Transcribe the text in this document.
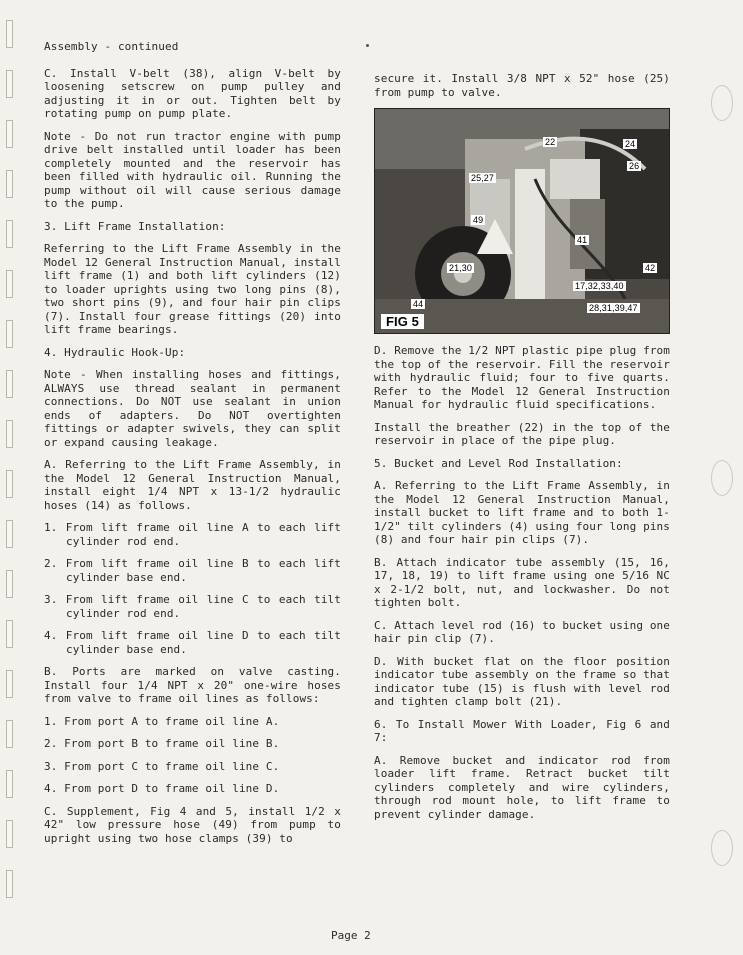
Assembly - continued

C. Install V-belt (38), align V-belt by loosening setscrew on pump pulley and adjusting it in or out. Tighten belt by rotating pump on pump plate.

Note - Do not run tractor engine with pump drive belt installed until loader has been completely mounted and the reservoir has been filled with hydraulic oil. Running the pump without oil will cause serious damage to the pump.

3. Lift Frame Installation:

Referring to the Lift Frame Assembly in the Model 12 General Instruction Manual, install lift frame (1) and both lift cylinders (12) to loader uprights using two long pins (8), two short pins (9), and four hair pin clips (7). Install four grease fittings (20) into lift frame bearings.

4. Hydraulic Hook-Up:

Note - When installing hoses and fittings, ALWAYS use thread sealant in permanent connections. Do NOT use sealant in union ends of adapters. Do NOT overtighten fittings or adapter swivels, they can split or expand causing leakage.

A. Referring to the Lift Frame Assembly, in the Model 12 General Instruction Manual, install eight 1/4 NPT x 13-1/2 hydraulic hoses (14) as follows.

1. From lift frame oil line A to each lift cylinder rod end.

2. From lift frame oil line B to each lift cylinder base end.

3. From lift frame oil line C to each tilt cylinder rod end.

4. From lift frame oil line D to each tilt cylinder base end.

B. Ports are marked on valve casting. Install four 1/4 NPT x 20" one-wire hoses from valve to frame oil lines as follows:

1. From port A to frame oil line A.

2. From port B to frame oil line B.

3. From port C to frame oil line C.

4. From port D to frame oil line D.

C. Supplement, Fig 4 and 5, install 1/2 x 42" low pressure hose (49) from pump to upright using two hose clamps (39) to

secure it. Install 3/8 NPT x 52" hose (25) from pump to valve.

22	24
25,27
26
49
41
42
21,30
17,32,33,40
28,31,39,47
44
FIG 5

D. Remove the 1/2 NPT plastic pipe plug from the top of the reservoir. Fill the reservoir with hydraulic fluid; four to five quarts. Refer to the Model 12 General Instruction Manual for hydraulic fluid specifications.

Install the breather (22) in the top of the reservoir in place of the pipe plug.

5. Bucket and Level Rod Installation:

A. Referring to the Lift Frame Assembly, in the Model 12 General Instruction Manual, install bucket to lift frame and to both 1-1/2" tilt cylinders (4) using four long pins (8) and four hair pin clips (7).

B. Attach indicator tube assembly (15, 16, 17, 18, 19) to lift frame using one 5/16 NC x 2-1/2 bolt, nut, and lockwasher. Do not tighten bolt.

C. Attach level rod (16) to bucket using one hair pin clip (7).

D. With bucket flat on the floor position indicator tube assembly on the frame so that indicator tube (15) is flush with level rod and tighten clamp bolt (21).

6. To Install Mower With Loader, Fig 6 and 7:

A. Remove bucket and indicator rod from loader lift frame. Retract bucket tilt cylinders completely and wire cylinders, through rod mount hole, to lift frame to prevent cylinder damage.

Page 2
